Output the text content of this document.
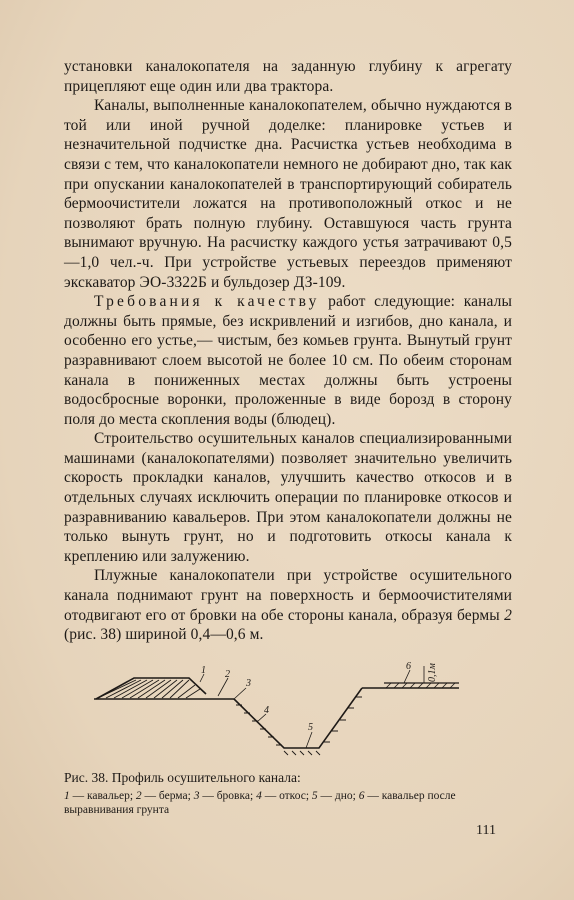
установки каналокопателя на заданную глубину к агрегату прицепляют еще один или два трактора.

Каналы, выполненные каналокопателем, обычно нуждаются в той или иной ручной доделке: планировке устьев и незначительной подчистке дна. Расчистка устьев необходима в связи с тем, что каналокопатели немного не добирают дно, так как при опускании каналокопателей в транспортирующий собиратель бермоочистители ложатся на противоположный откос и не позволяют брать полную глубину. Оставшуюся часть грунта вынимают вручную. На расчистку каждого устья затрачивают 0,5—1,0 чел.-ч. При устройстве устьевых переездов применяют экскаватор ЭО-3322Б и бульдозер ДЗ-109.

Требования к качеству работ следующие: каналы должны быть прямые, без искривлений и изгибов, дно канала, и особенно его устье,— чистым, без комьев грунта. Вынутый грунт разравнивают слоем высотой не более 10 см. По обеим сторонам канала в пониженных местах должны быть устроены водосбросные воронки, проложенные в виде борозд в сторону поля до места скопления воды (блюдец).

Строительство осушительных каналов специализированными машинами (каналокопателями) позволяет значительно увеличить скорость прокладки каналов, улучшить качество откосов и в отдельных случаях исключить операции по планировке откосов и разравниванию кавальеров. При этом каналокопатели должны не только вынуть грунт, но и подготовить откосы канала к креплению или залужению.

Плужные каналокопатели при устройстве осушительного канала поднимают грунт на поверхность и бермоочистителями отодвигают его от бровки на обе стороны канала, образуя бермы 2 (рис. 38) шириной 0,4—0,6 м.

1 2
3
4
5
6 0,1м
Рис. 38. Профиль осушительного канала:
1 — кавальер; 2 — берма; 3 — бровка; 4 — откос; 5 — дно; 6 — кавальер после выравнивания грунта
111
